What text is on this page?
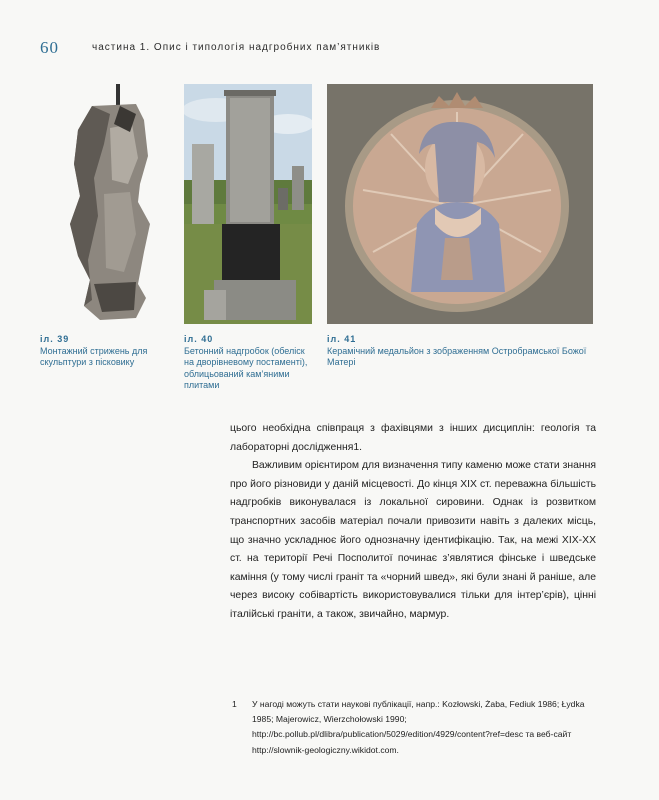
60	частина 1. Опис і типологія надгробних пам’ятників
іл. 39
Монтажний стрижень для скульптури з пісковику
іл. 40
Бетонний надгробок (обеліск на дворівневому постаменті), облицьований кам’яними плитами
іл. 41
Керамічний медальйон з зображенням Остробрамської Божої Матері

цього необхідна співпраця з фахівцями з інших дисциплін: геологія та лабораторні дослідження1.

Важливим орієнтиром для визначення типу каменю може стати знання про його різновиди у даній місцевості. До кінця XIX ст. переважна більшість надгробків виконувалася із локальної сировини. Однак із розвитком транспортних засобів матеріал почали привозити навіть з далеких місць, що значно ускладнює його однозначну ідентифікацію. Так, на межі XIX-XX ст. на території Речі Посполитої починає з’являтися фінське і шведське каміння (у тому числі граніт та «чорний швед», які були знані й раніше, але через високу собівартість використовувалися тільки для інтер’єрів), цінні італійські граніти, а також, звичайно, мармур.

1 У нагоді можуть стати наукові публікації, напр.: Kozłowski, Żaba, Fediuk 1986; Łydka 1985; Majerowicz, Wierzchołowski 1990; http://bc.pollub.pl/dlibra/publication/5029/edition/4929/content?ref=desc та веб-сайт http://slownik-geologiczny.wikidot.com.
